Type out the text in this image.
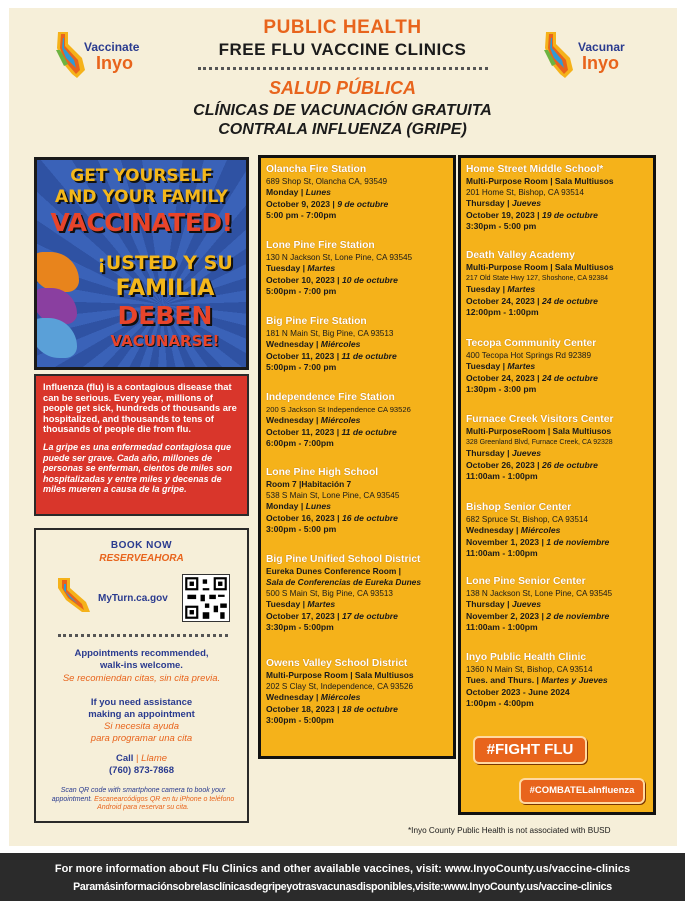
Vaccinate
Inyo
Vacunar
Inyo
PUBLIC HEALTH
FREE FLU VACCINE CLINICS
SALUD PÚBLICA
CLÍNICAS DE VACUNACIÓN GRATUITA
CONTRALA INFLUENZA (GRIPE)
GET YOURSELF
AND YOUR FAMILY
VACCINATED!
¡USTED Y SU
FAMILIA
DEBEN
VACUNARSE!

Influenza (flu) is a contagious disease that can be serious. Every year, millions of people get sick, hundreds of thousands are hospitalized, and thousands to tens of thousands of people die from flu.

La gripe es una enfermedad contagiosa que puede ser grave. Cada año, millones de personas se enferman, cientos de miles son hospitalizadas y entre miles y decenas de miles mueren a causa de la gripe.

BOOK NOW
RESERVEAHORA
MyTurn.ca.gov
Appointments recommended,
walk-ins welcome.
Se recomiendan citas, sin cita previa.
If you need assistance
making an appointment
Si necesita ayuda
para programar una cita
Call | Llame
(760) 873-7868
Scan QR code with smartphone camera to book your appointment. Escanearcódigos QR en tu iPhone o teléfono Android para reservar su cita.
Olancha Fire Station
689 Shop St, Olancha CA, 93549
Monday | Lunes
October 9, 2023 | 9 de octubre
5:00 pm - 7:00pm
Lone Pine Fire Station
130 N Jackson St, Lone Pine, CA 93545
Tuesday | Martes
October 10, 2023 | 10 de octubre
5:00pm - 7:00 pm
Big Pine Fire Station
181 N Main St, Big Pine, CA 93513
Wednesday | Miércoles
October 11, 2023 | 11 de octubre
5:00pm - 7:00 pm
Independence Fire Station
200 S Jackson St Independence CA 93526
Wednesday | Miércoles
October 11, 2023 | 11 de octubre
6:00pm - 7:00pm
Lone Pine High School
Room 7 |Habitación 7
538 S Main St, Lone Pine, CA 93545
Monday | Lunes
October 16, 2023 | 16 de octubre
3:00pm - 5:00 pm
Big Pine Unified School District
Eureka Dunes Conference Room |
Sala de Conferencias de Eureka Dunes
500 S Main St, Big Pine, CA 93513
Tuesday | Martes
October 17, 2023 | 17 de octubre
3:30pm - 5:00pm
Owens Valley School District
Multi-Purpose Room | Sala Multiusos
202 S Clay St, Independence, CA 93526
Wednesday | Miércoles
October 18, 2023 | 18 de octubre
3:00pm - 5:00pm
Home Street Middle School*
Multi-Purpose Room | Sala Multiusos
201 Home St, Bishop, CA 93514
Thursday | Jueves
October 19, 2023 | 19 de octubre
3:30pm - 5:00 pm
Death Valley Academy
Multi-Purpose Room | Sala Multiusos
217 Old State Hwy 127, Shoshone, CA 92384
Tuesday | Martes
October 24, 2023 | 24 de octubre
12:00pm - 1:00pm
Tecopa Community Center
400 Tecopa Hot Springs Rd 92389
Tuesday | Martes
October 24, 2023 | 24 de octubre
1:30pm - 3:00 pm
Furnace Creek Visitors Center
Multi-PurposeRoom | Sala Multiusos
328 Greenland Blvd, Furnace Creek, CA 92328
Thursday | Jueves
October 26, 2023 | 26 de octubre
11:00am - 1:00pm
Bishop Senior Center
682 Spruce St, Bishop, CA 93514
Wednesday | Miércoles
November 1, 2023 | 1 de noviembre
11:00am - 1:00pm
Lone Pine Senior Center
138 N Jackson St, Lone Pine, CA 93545
Thursday | Jueves
November 2, 2023 | 2 de noviembre
11:00am - 1:00pm
Inyo Public Health Clinic
1360 N Main St, Bishop, CA 93514
Tues. and Thurs. | Martes y Jueves
October 2023 - June 2024
1:00pm - 4:00pm
#FIGHT FLU
#COMBATELaInfluenza
*Inyo County Public Health is not associated with BUSD
For more information about Flu Clinics and other available vaccines, visit: www.InyoCounty.us/vaccine-clinics
Paramásinformaciónsobrelasclínicasdegripeyotrasvacunasdisponibles,visite:www.InyoCounty.us/vaccine-clinics
